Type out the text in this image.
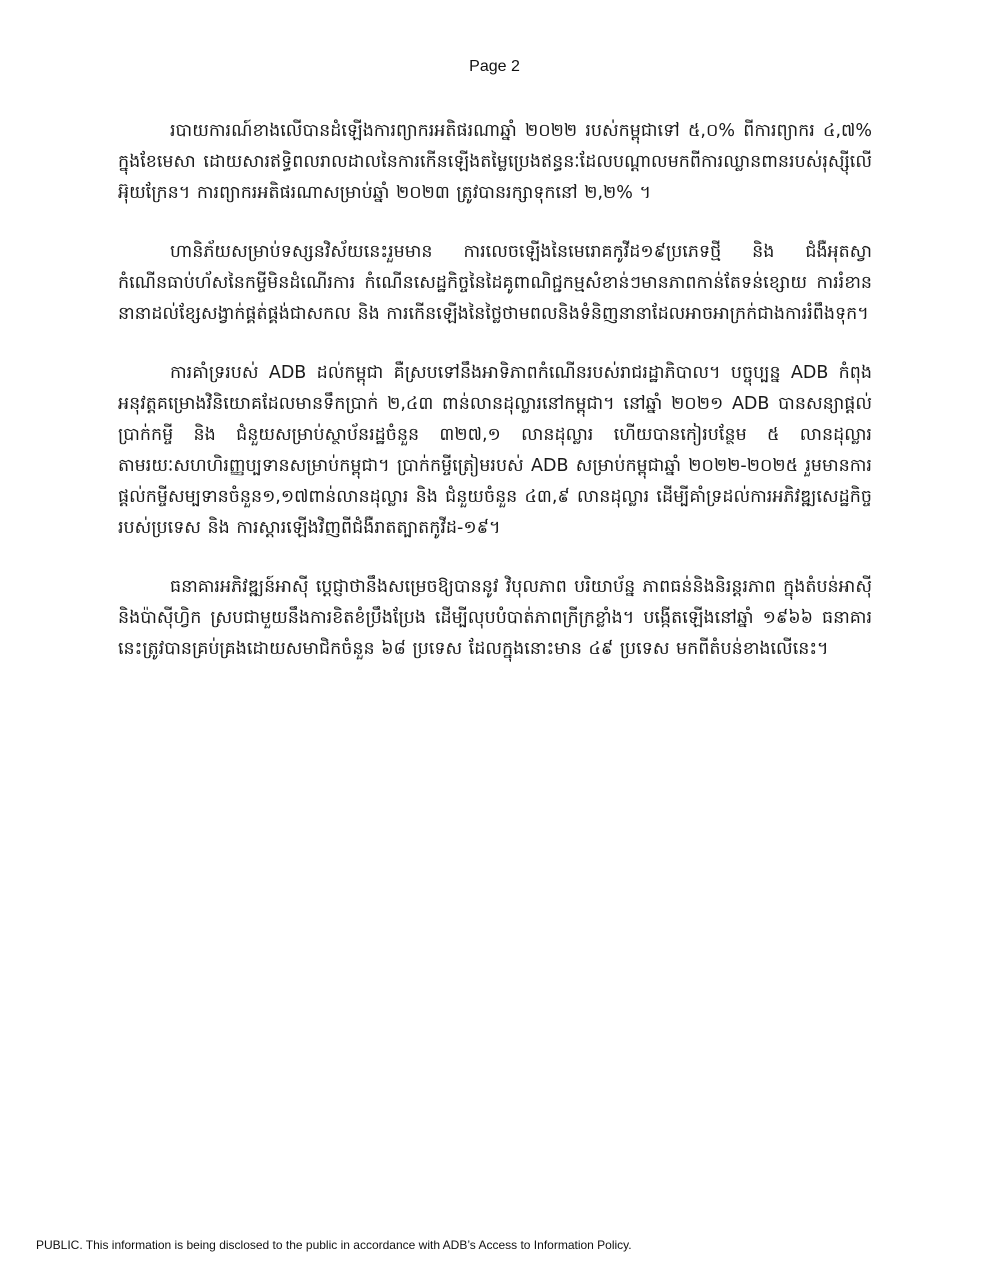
Page 2

របាយការណ៍ខាងលើបានដំឡើងការព្យាករអតិផរណាឆ្នាំ ២០២២ របស់កម្ពុជាទៅ ៥,០% ពីការព្យាករ ៤,៧% ក្នុងខែមេសា ដោយសារឥទ្ធិពលរាលដាលនៃការកើនឡើងតម្លៃប្រេងឥន្ធនៈដែលបណ្ដាលមកពីការឈ្លានពានរបស់រុស្ស៊ីលើអ៊ុយក្រែន។ ការព្យាករអតិផរណាសម្រាប់ឆ្នាំ ២០២៣ ត្រូវបានរក្សាទុកនៅ ២,២% ។

ហានិភ័យសម្រាប់ទស្សនវិស័យនេះរួមមាន ការលេចឡើងនៃមេរោគកូវីដ១៩ប្រភេទថ្មី និង ជំងឺអុតស្វា កំណើនធាប់ហ័សនៃកម្ចីមិនដំណើរការ កំណើនសេដ្ឋកិច្ចនៃដៃគូពាណិជ្ជកម្មសំខាន់ៗមានភាពកាន់តែទន់ខ្សោយ ការរំខាននានាដល់ខ្សែសង្វាក់ផ្គត់ផ្គង់ជាសកល និង ការកើនឡើងនៃថ្លៃថាមពលនិងទំនិញនានាដែលអាចអាក្រក់ជាងការរំពឹងទុក។

ការគាំទ្ររបស់ ADB ដល់កម្ពុជា គឺស្របទៅនឹងអាទិភាពកំណើនរបស់រាជរដ្ឋាភិបាល។ បច្ចុប្បន្ន ADB កំពុងអនុវត្តគម្រោងវិនិយោគដែលមានទឹកប្រាក់ ២,៤៣ ពាន់លានដុល្លារនៅកម្ពុជា។ នៅឆ្នាំ ២០២១ ADB បានសន្យាផ្ដល់ប្រាក់កម្ចី និង ជំនួយសម្រាប់ស្ថាប័នរដ្ឋចំនួន ៣២៧,១ លានដុល្លារ ហើយបានកៀរបន្ថែម ៥ លានដុល្លារ តាមរយៈសហហិរញ្ញប្បទានសម្រាប់កម្ពុជា។ ប្រាក់កម្ចីត្រៀមរបស់ ADB សម្រាប់កម្ពុជាឆ្នាំ ២០២២-២០២៥ រួមមានការផ្ដល់កម្ចីសម្បទានចំនួន១,១៧ពាន់លានដុល្លារ និង ជំនួយចំនួន ៤៣,៩ លានដុល្លារ ដើម្បីគាំទ្រដល់ការអភិវឌ្ឍសេដ្ឋកិច្ចរបស់ប្រទេស និង ការស្ដារឡើងវិញពីជំងឺរាតត្បាតកូវីដ-១៩។

ធនាគារអភិវឌ្ឍន៍អាស៊ី ប្ដេជ្ញាថានឹងសម្រេចឱ្យបាននូវ វិបុលភាព បរិយាប័ន្ន ភាពធន់និងនិរន្តរភាព ក្នុងតំបន់អាស៊ីនិងប៉ាស៊ីហ្វិក ស្របជាមួយនឹងការខិតខំប្រឹងប្រែង ដើម្បីលុបបំបាត់ភាពក្រីក្រខ្លាំង។ បង្កើតឡើងនៅឆ្នាំ ១៩៦៦ ធនាគារនេះត្រូវបានគ្រប់គ្រងដោយសមាជិកចំនួន ៦៨ ប្រទេស ដែលក្នុងនោះមាន ៤៩ ប្រទេស មកពីតំបន់ខាងលើនេះ។

PUBLIC. This information is being disclosed to the public in accordance with ADB’s Access to Information Policy.
